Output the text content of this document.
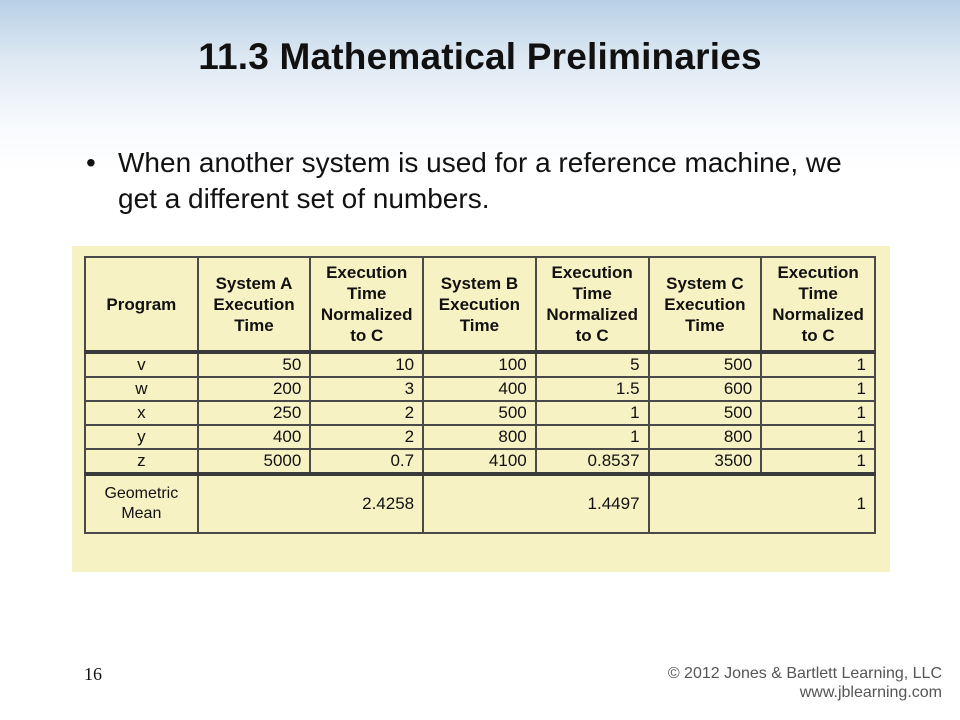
11.3 Mathematical Preliminaries
• When another system is used for a reference machine, we get a different set of numbers.
Program	System A Execution Time	Execution Time Normalized to C	System B Execution Time	Execution Time Normalized to C	System C Execution Time	Execution Time Normalized to C
v	50	10	100	5	500	1
w	200	3	400	1.5	600	1
x	250	2	500	1	500	1
y	400	2	800	1	800	1
z	5000	0.7	4100	0.8537	3500	1
Geometric Mean	2.4258		1.4497		1	
16	© 2012 Jones & Bartlett Learning, LLC
www.jblearning.com
